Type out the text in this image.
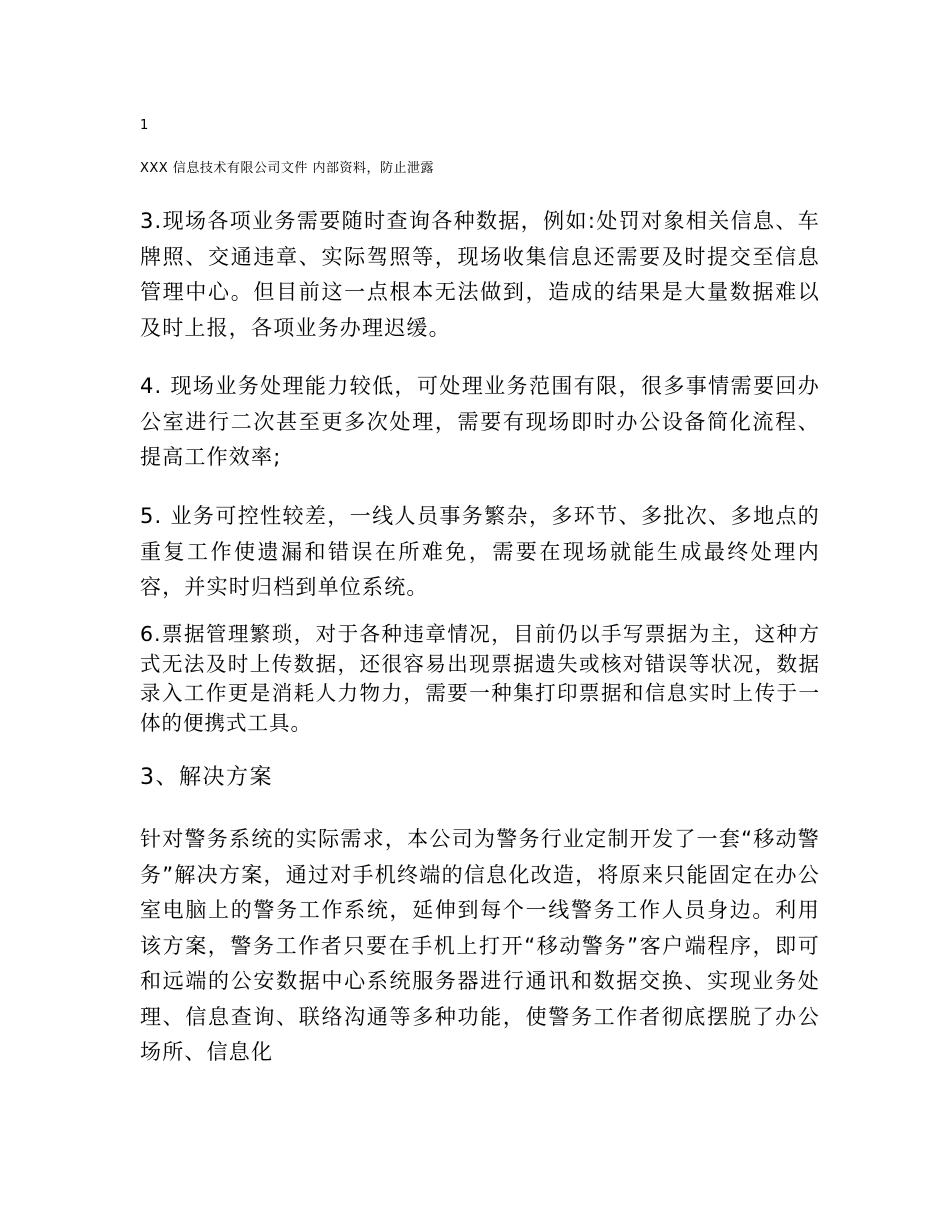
1

XXX 信息技术有限公司文件 内部资料，防止泄露

3.现场各项业务需要随时查询各种数据，例如:处罚对象相关信息、车牌照、交通违章、实际驾照等，现场收集信息还需要及时提交至信息管理中心。但目前这一点根本无法做到，造成的结果是大量数据难以及时上报，各项业务办理迟缓。

4. 现场业务处理能力较低，可处理业务范围有限，很多事情需要回办公室进行二次甚至更多次处理，需要有现场即时办公设备简化流程、提高工作效率;

5. 业务可控性较差，一线人员事务繁杂，多环节、多批次、多地点的重复工作使遗漏和错误在所难免，需要在现场就能生成最终处理内容，并实时归档到单位系统。

6.票据管理繁琐，对于各种违章情况，目前仍以手写票据为主，这种方式无法及时上传数据，还很容易出现票据遗失或核对错误等状况，数据录入工作更是消耗人力物力，需要一种集打印票据和信息实时上传于一体的便携式工具。

3、解决方案

针对警务系统的实际需求，本公司为警务行业定制开发了一套“移动警务”解决方案，通过对手机终端的信息化改造，将原来只能固定在办公室电脑上的警务工作系统，延伸到每个一线警务工作人员身边。利用该方案，警务工作者只要在手机上打开“移动警务”客户端程序，即可和远端的公安数据中心系统服务器进行通讯和数据交换、实现业务处理、信息查询、联络沟通等多种功能，使警务工作者彻底摆脱了办公场所、信息化
